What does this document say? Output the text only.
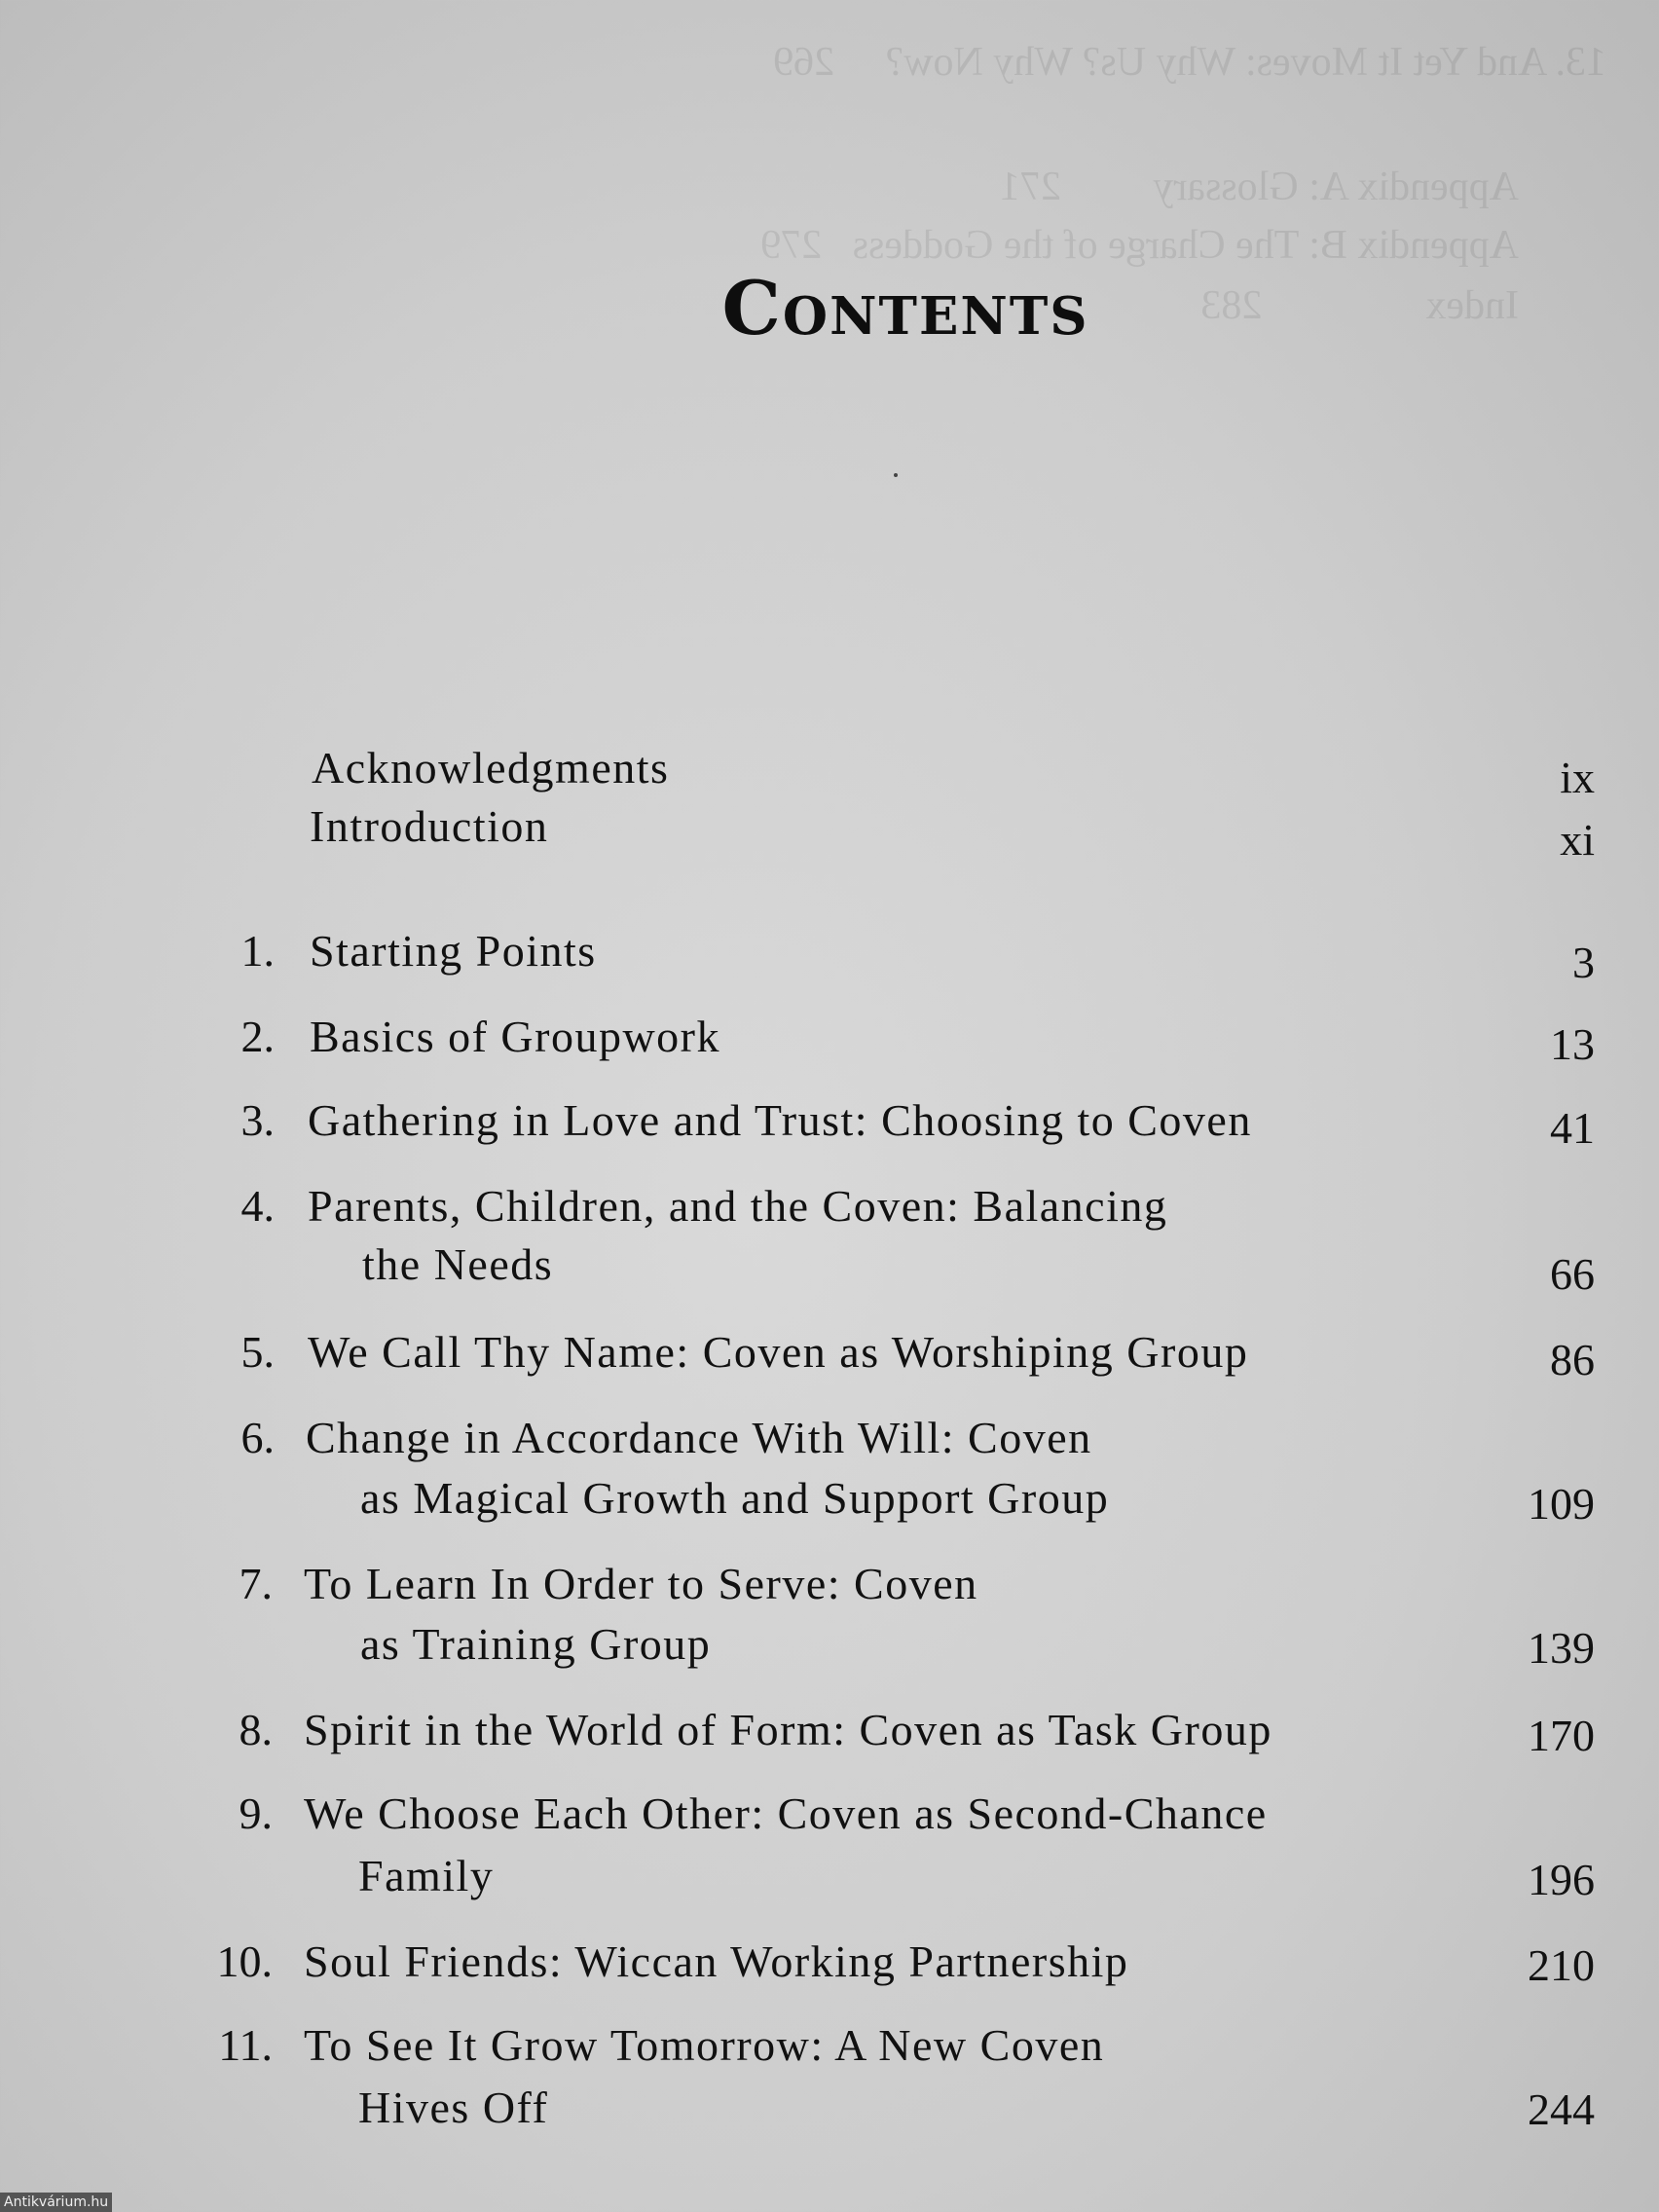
13. And Yet It Moves: Why Us? Why Now?     269
Appendix A: Glossary         271
Appendix B: The Charge of the Goddess   279
Index                283
Contents
Acknowledgments	ix
Introduction	xi
1. Starting Points	3
2. Basics of Groupwork	13
3. Gathering in Love and Trust: Choosing to Coven	41
4. Parents, Children, and the Coven: Balancing
the Needs	66
5. We Call Thy Name: Coven as Worshiping Group	86
6. Change in Accordance With Will: Coven
as Magical Growth and Support Group	109
7. To Learn In Order to Serve: Coven
as Training Group	139
8. Spirit in the World of Form: Coven as Task Group	170
9. We Choose Each Other: Coven as Second-Chance
Family	196
10. Soul Friends: Wiccan Working Partnership	210
11. To See It Grow Tomorrow: A New Coven
Hives Off	244
Antikvárium.hu
